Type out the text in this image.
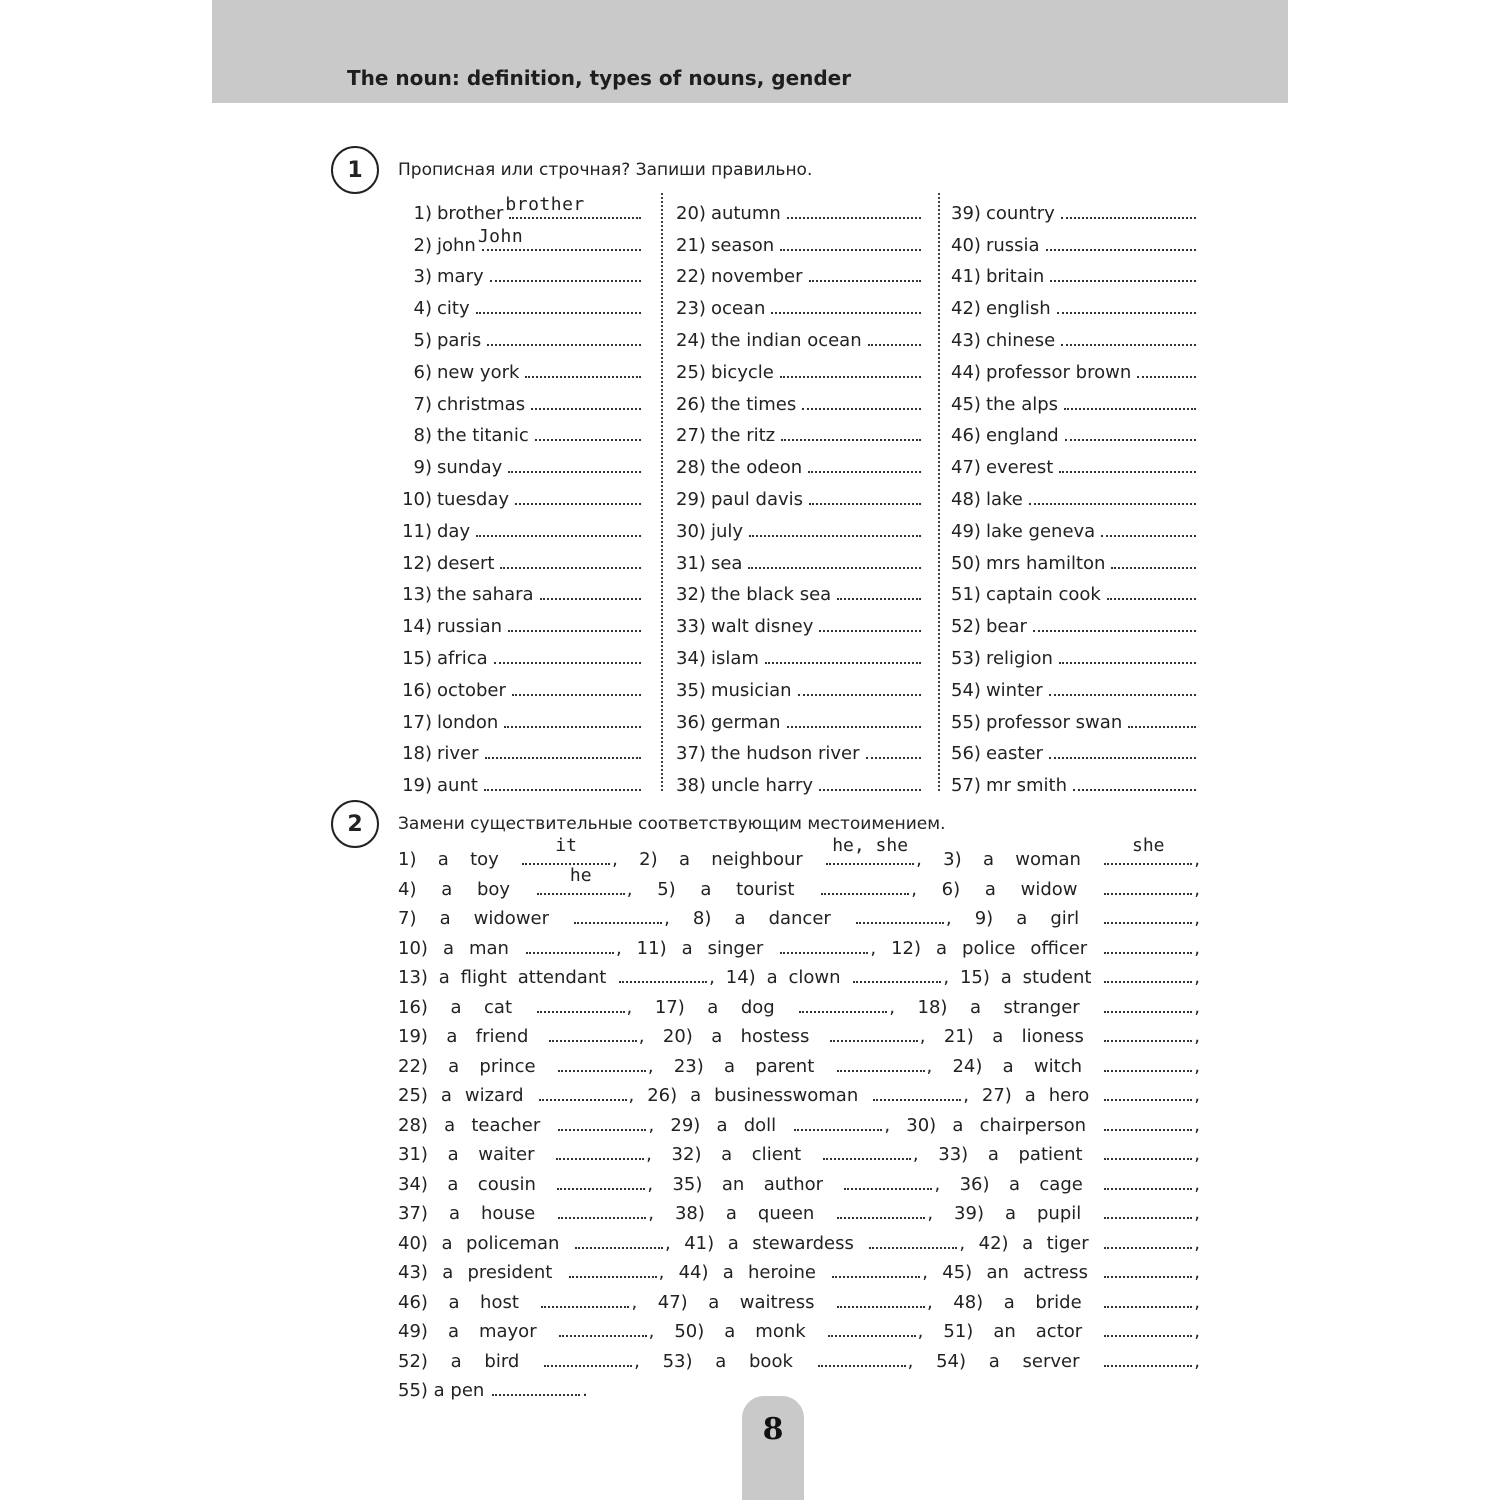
The noun: definition, types of nouns, gender
1	Прописная или строчная? Запиши правильно.
1) brother brother
2) john John
3) mary
4) city
5) paris
6) new york
7) christmas
8) the titanic
9) sunday
10) tuesday
11) day
12) desert
13) the sahara
14) russian
15) africa
16) october
17) london
18) river
19) aunt
20) autumn
21) season
22) november
23) ocean
24) the indian ocean
25) bicycle
26) the times
27) the ritz
28) the odeon
29) paul davis
30) july
31) sea
32) the black sea
33) walt disney
34) islam
35) musician
36) german
37) the hudson river
38) uncle harry
39) country
40) russia
41) britain
42) english
43) chinese
44) professor brown
45) the alps
46) england
47) everest
48) lake
49) lake geneva
50) mrs hamilton
51) captain cook
52) bear
53) religion
54) winter
55) professor swan
56) easter
57) mr smith
2	Замени существительные соответствующим местоимением.
1) a toy
it
, 2) a neighbour
he, she
, 3) a woman
she
, 4) a boy
he
, 5) a tourist	, 6) a widow	, 7) a widower	, 8) a dancer	, 9) a girl	, 10) a man	, 11) a singer	, 12) a police officer	, 13) a flight attendant	, 14) a clown	, 15) a student	, 16) a cat	, 17) a dog	, 18) a stranger	, 19) a friend	, 20) a hostess	, 21) a lioness	, 22) a prince	, 23) a parent	, 24) a witch	, 25) a wizard	, 26) a businesswoman	, 27) a hero	, 28) a teacher	, 29) a doll	, 30) a chairperson	, 31) a waiter	, 32) a client	, 33) a patient	, 34) a cousin	, 35) an author	, 36) a cage	, 37) a house	, 38) a queen	, 39) a pupil	, 40) a policeman	, 41) a stewardess	, 42) a tiger	, 43) a president	, 44) a heroine	, 45) an actress	, 46) a host	, 47) a waitress	, 48) a bride	, 49) a mayor	, 50) a monk	, 51) an actor	, 52) a bird	, 53) a book	, 54) a server	, 55) a pen	.
8
